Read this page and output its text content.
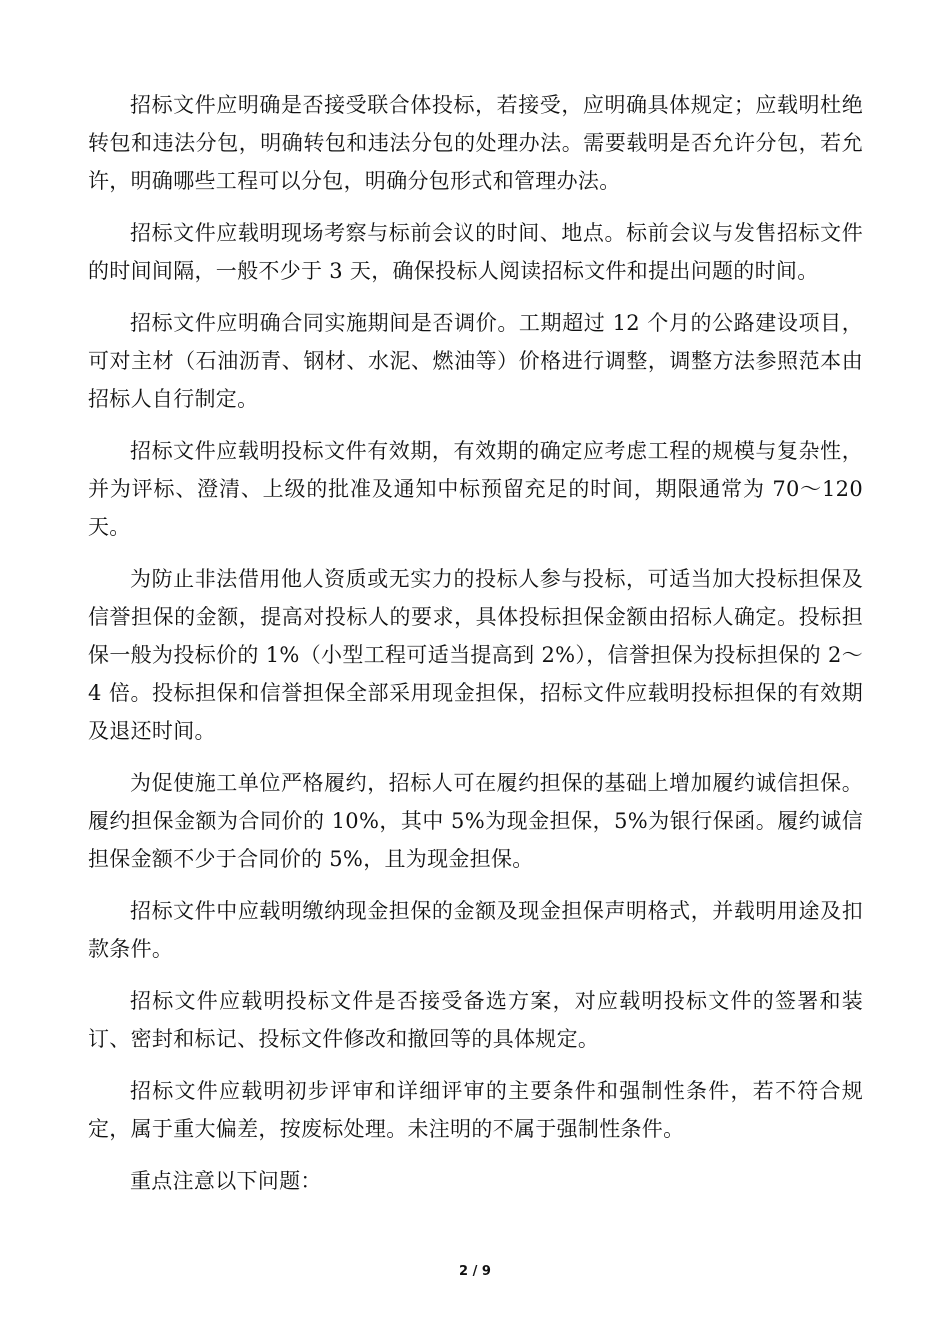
招标文件应明确是否接受联合体投标，若接受，应明确具体规定；应载明杜绝转包和违法分包，明确转包和违法分包的处理办法。需要载明是否允许分包，若允许，明确哪些工程可以分包，明确分包形式和管理办法。

招标文件应载明现场考察与标前会议的时间、地点。标前会议与发售招标文件的时间间隔，一般不少于 3 天，确保投标人阅读招标文件和提出问题的时间。

招标文件应明确合同实施期间是否调价。工期超过 12 个月的公路建设项目，可对主材（石油沥青、钢材、水泥、燃油等）价格进行调整，调整方法参照范本由招标人自行制定。

招标文件应载明投标文件有效期，有效期的确定应考虑工程的规模与复杂性，并为评标、澄清、上级的批准及通知中标预留充足的时间，期限通常为 70～120 天。

为防止非法借用他人资质或无实力的投标人参与投标，可适当加大投标担保及信誉担保的金额，提高对投标人的要求，具体投标担保金额由招标人确定。投标担保一般为投标价的 1%（小型工程可适当提高到 2%），信誉担保为投标担保的 2～4 倍。投标担保和信誉担保全部采用现金担保，招标文件应载明投标担保的有效期及退还时间。

为促使施工单位严格履约，招标人可在履约担保的基础上增加履约诚信担保。履约担保金额为合同价的 10%，其中 5%为现金担保，5%为银行保函。履约诚信担保金额不少于合同价的 5%，且为现金担保。

招标文件中应载明缴纳现金担保的金额及现金担保声明格式，并载明用途及扣款条件。

招标文件应载明投标文件是否接受备选方案，对应载明投标文件的签署和装订、密封和标记、投标文件修改和撤回等的具体规定。

招标文件应载明初步评审和详细评审的主要条件和强制性条件，若不符合规定，属于重大偏差，按废标处理。未注明的不属于强制性条件。

重点注意以下问题：

2 / 9
